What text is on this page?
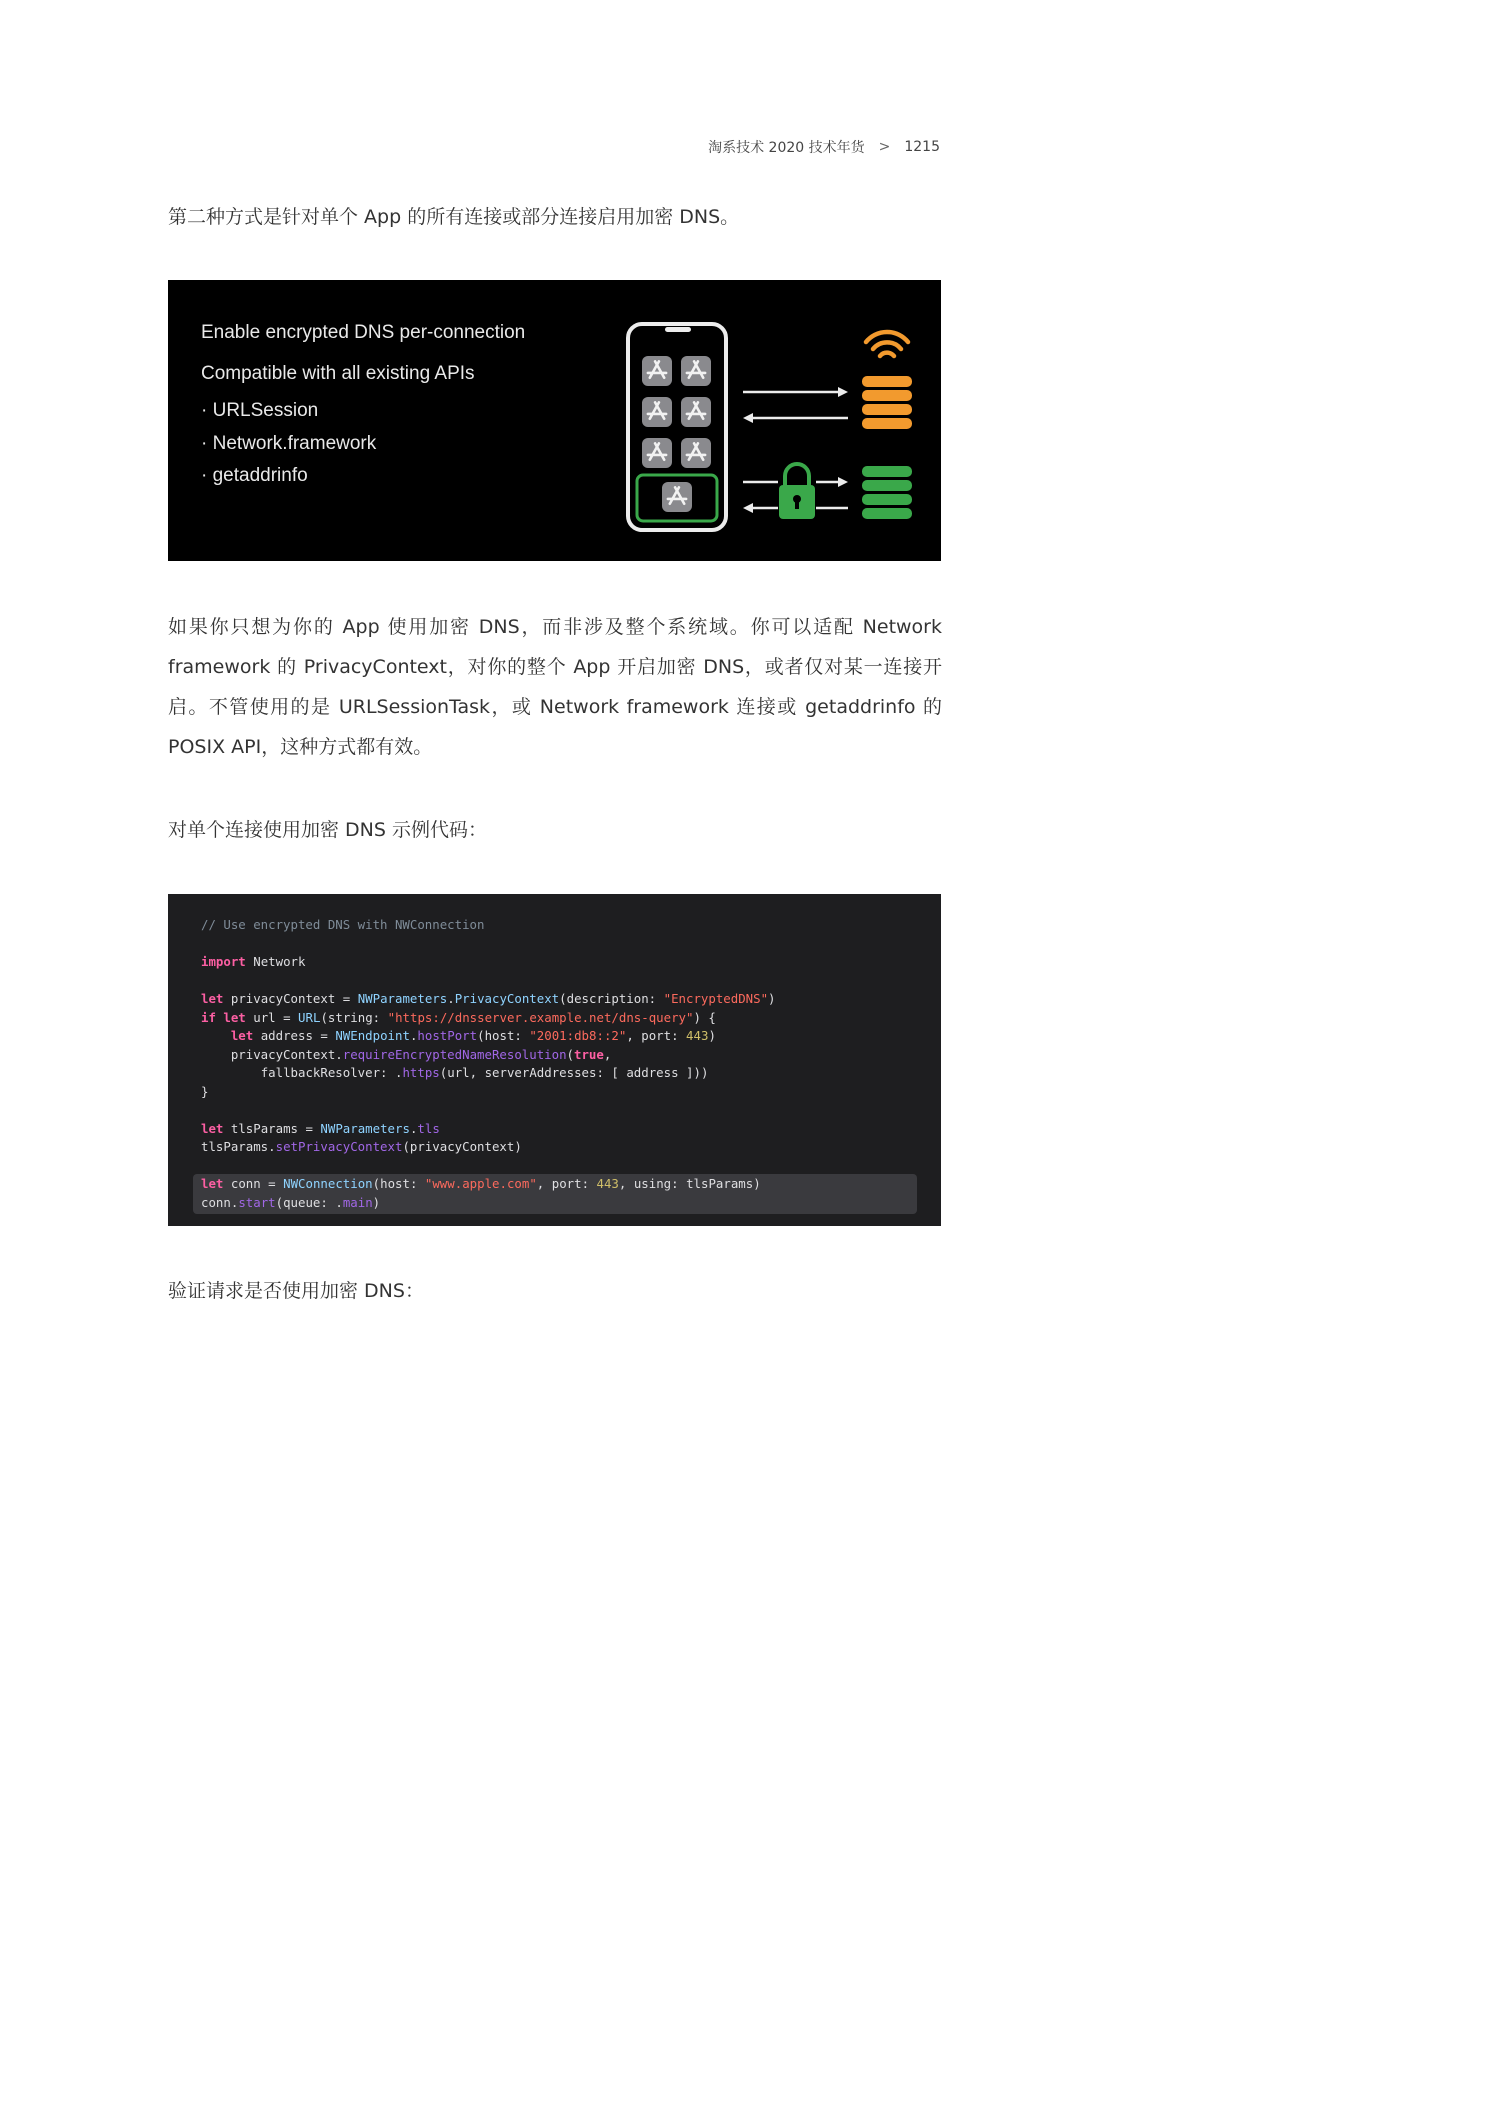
淘系技术 2020 技术年货 > 1215

第二种方式是针对单个 App 的所有连接或部分连接启用加密 DNS。

Enable encrypted DNS per-connection
Compatible with all existing APIs
· URLSession
· Network.framework
· getaddrinfo

如果你只想为你的 App 使用加密 DNS，而非涉及整个系统域。你可以适配 Network framework 的 PrivacyContext，对你的整个 App 开启加密 DNS，或者仅对某一连接开启。不管使用的是 URLSessionTask，或 Network framework 连接或 getaddrinfo 的 POSIX API，这种方式都有效。

对单个连接使用加密 DNS 示例代码：

// Use encrypted DNS with NWConnection

import Network

let privacyContext = NWParameters.PrivacyContext(description: "EncryptedDNS")
if let url = URL(string: "https://dnsserver.example.net/dns-query") {
let address = NWEndpoint.hostPort(host: "2001:db8::2", port: 443)
privacyContext.requireEncryptedNameResolution(true,
fallbackResolver: .https(url, serverAddresses: [ address ]))
}

let tlsParams = NWParameters.tls
tlsParams.setPrivacyContext(privacyContext)

let conn = NWConnection(host: "www.apple.com", port: 443, using: tlsParams)
conn.start(queue: .main)

验证请求是否使用加密 DNS：
